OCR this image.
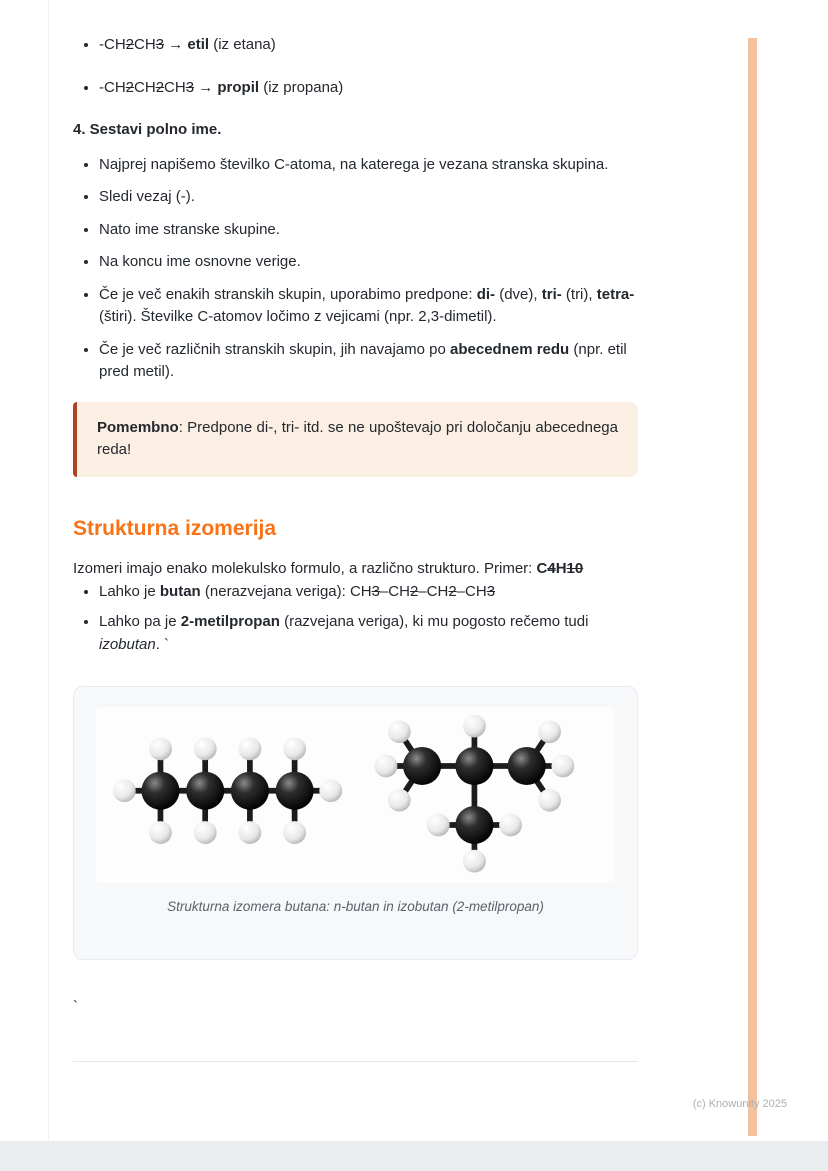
• -CH2CH3 → etil (iz etana)
• -CH2CH2CH3 → propil (iz propana)
4. Sestavi polno ime.
• Najprej napišemo številko C-atoma, na katerega je vezana stranska skupina.
• Sledi vezaj (-).
• Nato ime stranske skupine.
• Na koncu ime osnovne verige.
• Če je več enakih stranskih skupin, uporabimo predpone: di- (dve), tri- (tri), tetra- (štiri). Številke C-atomov ločimo z vejicami (npr. 2,3-dimetil).
• Če je več različnih stranskih skupin, jih navajamo po abecednem redu (npr. etil pred metil).

Pomembno: Predpone di-, tri- itd. se ne upoštevajo pri določanju abecednega reda!

Strukturna izomerija

Izomeri imajo enako molekulsko formulo, a različno strukturo. Primer: C4H10

• Lahko je butan (nerazvejana veriga): CH3–CH2–CH2–CH3
• Lahko pa je 2-metilpropan (razvejana veriga), ki mu pogosto rečemo tudi izobutan. `
Strukturna izomera butana: n-butan in izobutan (2-metilpropan)
`
(c) Knowunity 2025
